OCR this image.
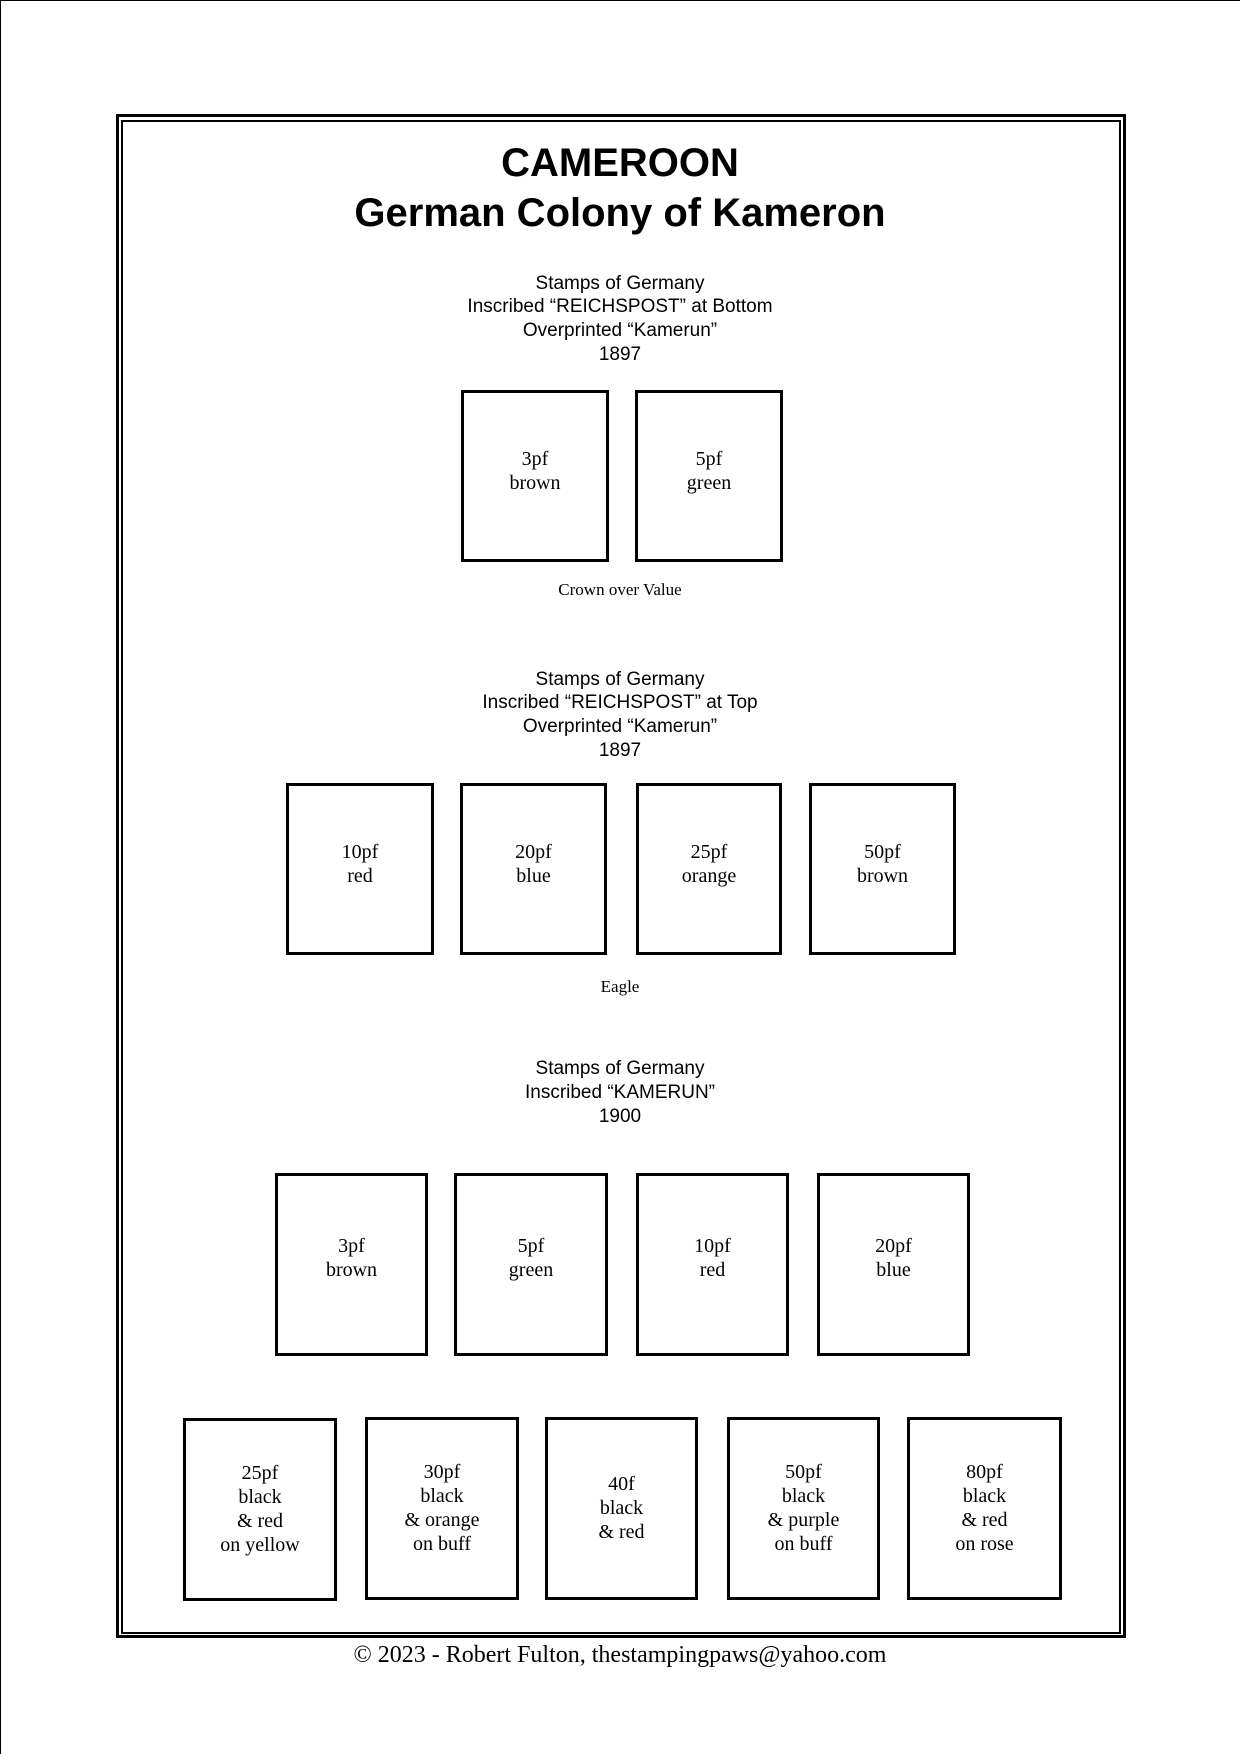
CAMEROON
German Colony of Kameron
Stamps of Germany
Inscribed “REICHSPOST” at Bottom
Overprinted “Kamerun”
1897
3pf
brown
5pf
green
Crown over Value
Stamps of Germany
Inscribed “REICHSPOST” at Top
Overprinted “Kamerun”
1897
10pf
red
20pf
blue
25pf
orange
50pf
brown
Eagle
Stamps of Germany
Inscribed “KAMERUN”
1900
3pf
brown
5pf
green
10pf
red
20pf
blue
25pf
black
& red
on yellow
30pf
black
& orange
on buff
40f
black
& red
50pf
black
& purple
on buff
80pf
black
& red
on rose
© 2023 - Robert Fulton, thestampingpaws@yahoo.com
